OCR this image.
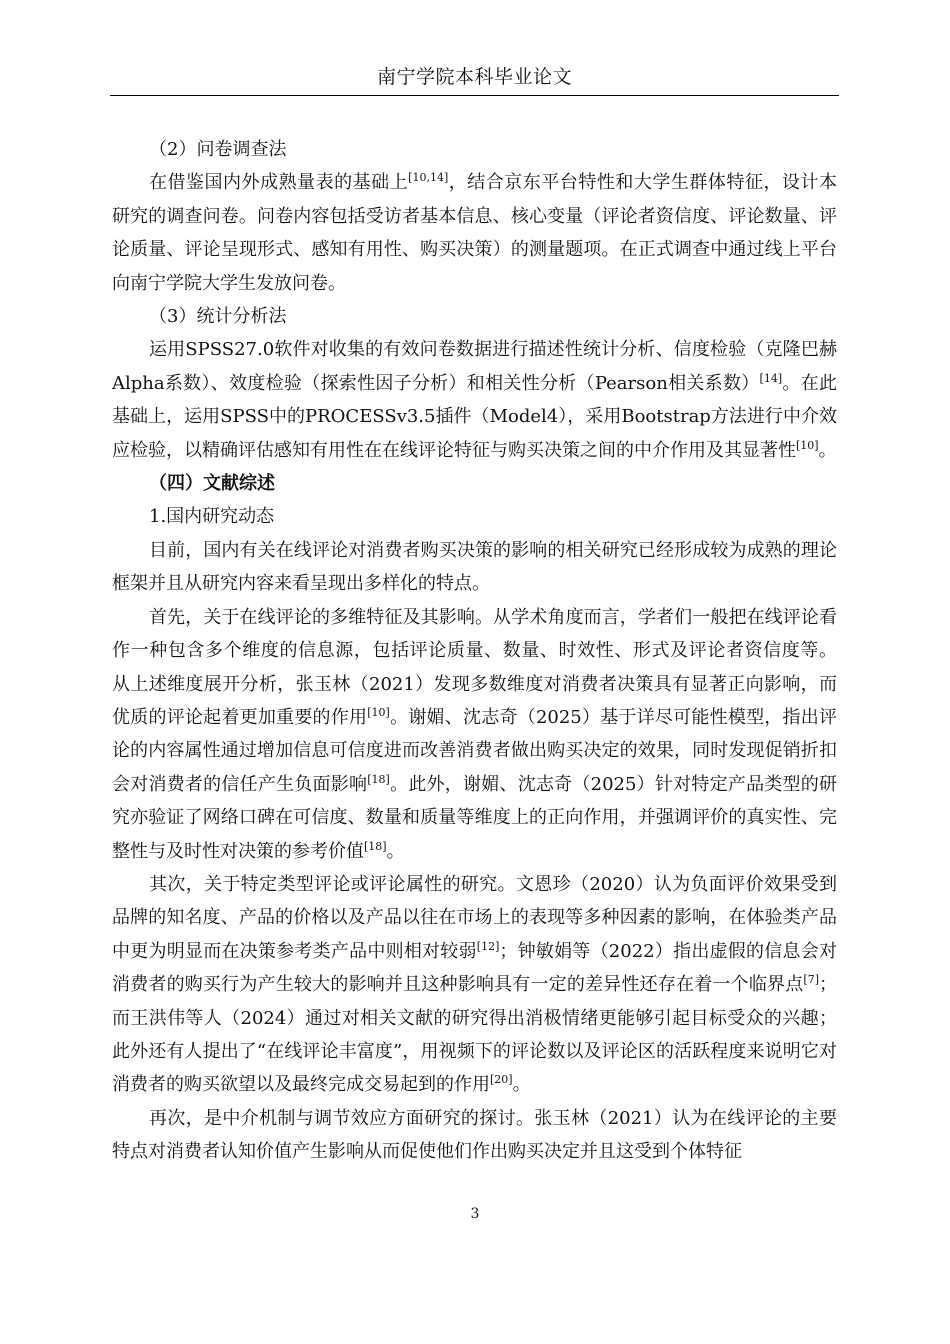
南宁学院本科毕业论文

（2）问卷调查法

在借鉴国内外成熟量表的基础上[10,14]，结合京东平台特性和大学生群体特征，设计本研究的调查问卷。问卷内容包括受访者基本信息、核心变量（评论者资信度、评论数量、评论质量、评论呈现形式、感知有用性、购买决策）的测量题项。在正式调查中通过线上平台向南宁学院大学生发放问卷。

（3）统计分析法

运用SPSS27.0软件对收集的有效问卷数据进行描述性统计分析、信度检验（克隆巴赫Alpha系数）、效度检验（探索性因子分析）和相关性分析（Pearson相关系数）[14]。在此基础上，运用SPSS中的PROCESSv3.5插件（Model4），采用Bootstrap方法进行中介效应检验，以精确评估感知有用性在在线评论特征与购买决策之间的中介作用及其显著性[10]。

（四）文献综述

1.国内研究动态

目前，国内有关在线评论对消费者购买决策的影响的相关研究已经形成较为成熟的理论框架并且从研究内容来看呈现出多样化的特点。

首先，关于在线评论的多维特征及其影响。从学术角度而言，学者们一般把在线评论看作一种包含多个维度的信息源，包括评论质量、数量、时效性、形式及评论者资信度等。 从上述维度展开分析，张玉林（2021）发现多数维度对消费者决策具有显著正向影响，而优质的评论起着更加重要的作用[10]。谢媚、沈志奇（2025）基于详尽可能性模型，指出评论的内容属性通过增加信息可信度进而改善消费者做出购买决定的效果，同时发现促销折扣会对消费者的信任产生负面影响[18]。此外，谢媚、沈志奇（2025）针对特定产品类型的研究亦验证了网络口碑在可信度、数量和质量等维度上的正向作用，并强调评价的真实性、完整性与及时性对决策的参考价值[18]。

其次，关于特定类型评论或评论属性的研究。文恩珍（2020）认为负面评价效果受到品牌的知名度、产品的价格以及产品以往在市场上的表现等多种因素的影响，在体验类产品中更为明显而在决策参考类产品中则相对较弱[12]；钟敏娟等（2022）指出虚假的信息会对消费者的购买行为产生较大的影响并且这种影响具有一定的差异性还存在着一个临界点[7]；而王洪伟等人（2024）通过对相关文献的研究得出消极情绪更能够引起目标受众的兴趣；此外还有人提出了“在线评论丰富度”，用视频下的评论数以及评论区的活跃程度来说明它对消费者的购买欲望以及最终完成交易起到的作用[20]。

再次，是中介机制与调节效应方面研究的探讨。张玉林（2021）认为在线评论的主要特点对消费者认知价值产生影响从而促使他们作出购买决定并且这受到个体特征

3
